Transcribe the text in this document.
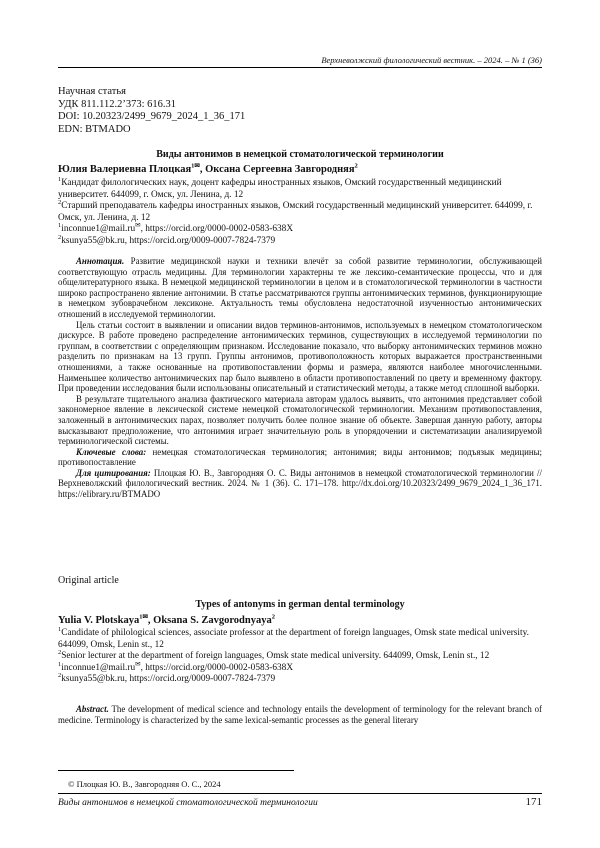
Верхневолжский филологический вестник. – 2024. – № 1 (36)
Научная статья
УДК 811.112.2’373: 616.31
DOI: 10.20323/2499_9679_2024_1_36_171
EDN: BTMADO
Виды антонимов в немецкой стоматологической терминологии
Юлия Валериевна Плоцкая$^{1✉}$, Оксана Сергеевна Завгородняя$^2$

$^1$Кандидат филологических наук, доцент кафедры иностранных языков, Омский государственный медицинский университет. 644099, г. Омск, ул. Ленина, д. 12

$^2$Старший преподаватель кафедры иностранных языков, Омский государственный медицинский университет. 644099, г. Омск, ул. Ленина, д. 12

$^1$inconnue1@mail.ru✉, https://orcid.org/0000-0002-0583-638X

$^2$ksunya55@bk.ru, https://orcid.org/0009-0007-7824-7379

Аннотация. Развитие медицинской науки и техники влечёт за собой развитие терминологии, обслуживающей соответствующую отрасль медицины. Для терминологии характерны те же лексико-семантические процессы, что и для общелитературного языка. В немецкой медицинской терминологии в целом и в стоматологической терминологии в частности широко распространено явление антонимии. В статье рассматриваются группы антонимических терминов, функционирующие в немецком зубоврачебном лексиконе. Актуальность темы обусловлена недостаточной изученностью антонимических отношений в исследуемой терминологии.

Цель статьи состоит в выявлении и описании видов терминов-антонимов, используемых в немецком стоматологическом дискурсе. В работе проведено распределение антонимических терминов, существующих в исследуемой терминологии по группам, в соответствии с определяющим признаком. Исследование показало, что выборку антонимических терминов можно разделить по признакам на 13 групп. Группы антонимов, противоположность которых выражается пространственными отношениями, а также основанные на противопоставлении формы и размера, являются наиболее многочисленными. Наименьшее количество антонимических пар было выявлено в области противопоставлений по цвету и временному фактору. При проведении исследования были использованы описательный и статистический методы, а также метод сплошной выборки.

В результате тщательного анализа фактического материала авторам удалось выявить, что антонимия представляет собой закономерное явление в лексической системе немецкой стоматологической терминологии. Механизм противопоставления, заложенный в антонимических парах, позволяет получить более полное знание об объекте. Завершая данную работу, авторы высказывают предположение, что антонимия играет значительную роль в упорядочении и систематизации анализируемой терминологической системы.

Ключевые слова: немецкая стоматологическая терминология; антонимия; виды антонимов; подъязык медицины; противопоставление

Для цитирования: Плоцкая Ю. В., Завгородняя О. С. Виды антонимов в немецкой стоматологической терминологии // Верхневолжский филологический вестник. 2024. № 1 (36). С. 171–178. http://dx.doi.org/10.20323/2499_9679_2024_1_36_171. https://elibrary.ru/BTMADO

Original article
Types of antonyms in german dental terminology
Yulia V. Plotskaya$^{1✉}$, Oksana S. Zavgorodnyaya$^2$

$^1$Candidate of philological sciences, associate professor at the department of foreign languages, Omsk state medical university. 644099, Omsk, Lenin st., 12

$^2$Senior lecturer at the department of foreign languages, Omsk state medical university. 644099, Omsk, Lenin st., 12

$^1$inconnue1@mail.ru✉, https://orcid.org/0000-0002-0583-638X

$^2$ksunya55@bk.ru, https://orcid.org/0009-0007-7824-7379

Abstract. The development of medical science and technology entails the development of terminology for the relevant branch of medicine. Terminology is characterized by the same lexical-semantic processes as the general literary

© Плоцкая Ю. В., Завгородняя О. С., 2024
Виды антонимов в немецкой стоматологической терминологии	171
